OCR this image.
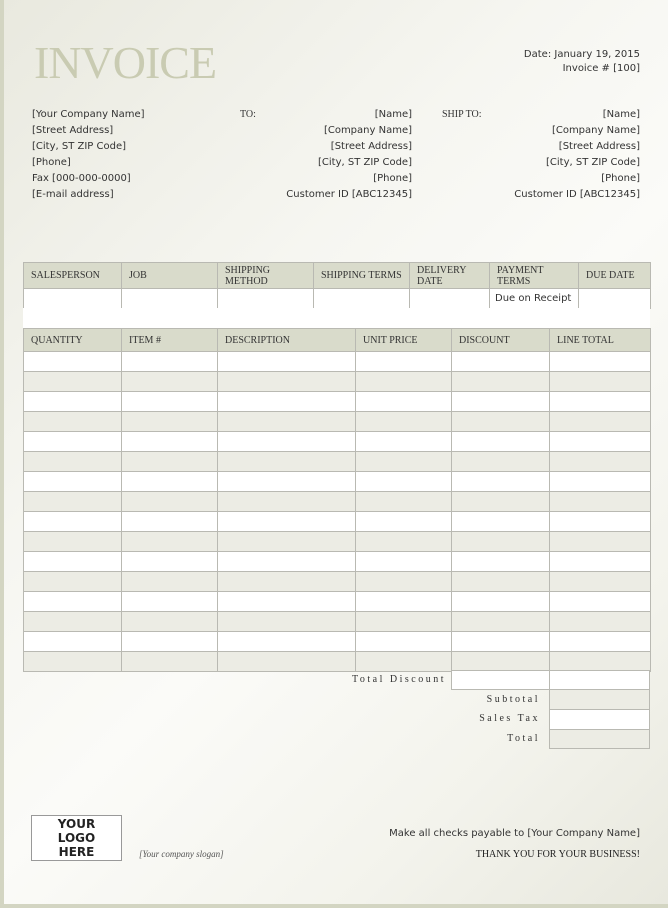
INVOICE	Date: January 19, 2015
Invoice # [100]
[Your Company Name]
[Street Address]
[City, ST ZIP Code]
[Phone]
Fax [000-000-0000]
[E-mail address]
TO:	[Name]
[Company Name]
[Street Address]
[City, ST ZIP Code]
[Phone]
Customer ID [ABC12345]
SHIP TO:	[Name]
[Company Name]
[Street Address]
[City, ST ZIP Code]
[Phone]
Customer ID [ABC12345]
SALESPERSON	JOB	SHIPPING METHOD	SHIPPING TERMS	DELIVERY DATE	PAYMENT TERMS	DUE DATE
					Due on Receipt	
QUANTITY	ITEM #	DESCRIPTION	UNIT PRICE	DISCOUNT	LINE TOTAL

Total Discount
Subtotal
Sales Tax
Total
YOUR LOGO HERE	[Your company slogan]
Make all checks payable to [Your Company Name]
THANK YOU FOR YOUR BUSINESS!
